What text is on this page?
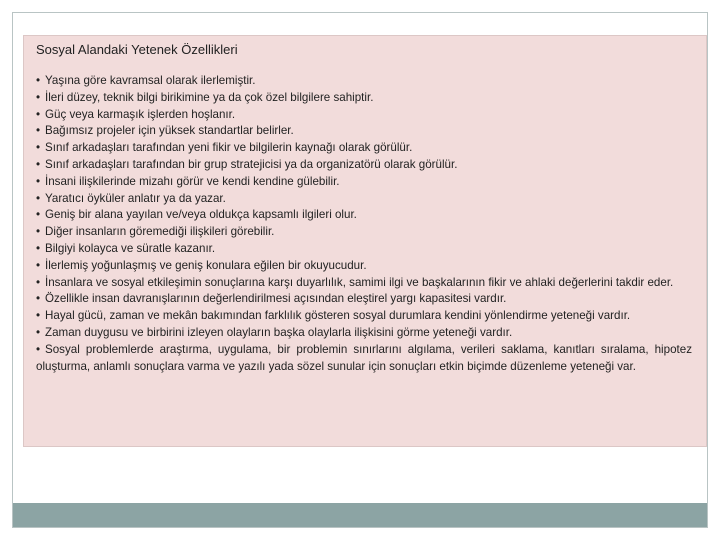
Sosyal Alandaki Yetenek Özellikleri
• Yaşına göre kavramsal olarak ilerlemiştir.
• İleri düzey, teknik bilgi birikimine ya da çok özel bilgilere sahiptir.
• Güç veya karmaşık işlerden hoşlanır.
• Bağımsız projeler için yüksek standartlar belirler.
• Sınıf arkadaşları tarafından yeni fikir ve bilgilerin kaynağı olarak görülür.
• Sınıf arkadaşları tarafından bir grup stratejicisi ya da organizatörü olarak görülür.
• İnsani ilişkilerinde mizahı görür ve kendi kendine gülebilir.
• Yaratıcı öyküler anlatır ya da yazar.
• Geniş bir alana yayılan ve/veya oldukça kapsamlı ilgileri olur.
• Diğer insanların göremediği ilişkileri görebilir.
• Bilgiyi kolayca ve süratle kazanır.
• İlerlemiş yoğunlaşmış ve geniş konulara eğilen bir okuyucudur.
• İnsanlara ve sosyal etkileşimin sonuçlarına karşı duyarlılık, samimi ilgi ve başkalarının fikir ve ahlaki değerlerini takdir eder.
• Özellikle insan davranışlarının değerlendirilmesi açısından eleştirel yargı kapasitesi vardır.
• Hayal gücü, zaman ve mekân bakımından farklılık gösteren sosyal durumlara kendini yönlendirme yeteneği vardır.
• Zaman duygusu ve birbirini izleyen olayların başka olaylarla ilişkisini görme yeteneği vardır.
• Sosyal problemlerde araştırma, uygulama, bir problemin sınırlarını algılama, verileri saklama, kanıtları sıralama, hipotez oluşturma, anlamlı sonuçlara varma ve yazılı yada sözel sunular için sonuçları etkin biçimde düzenleme yeteneği var.
